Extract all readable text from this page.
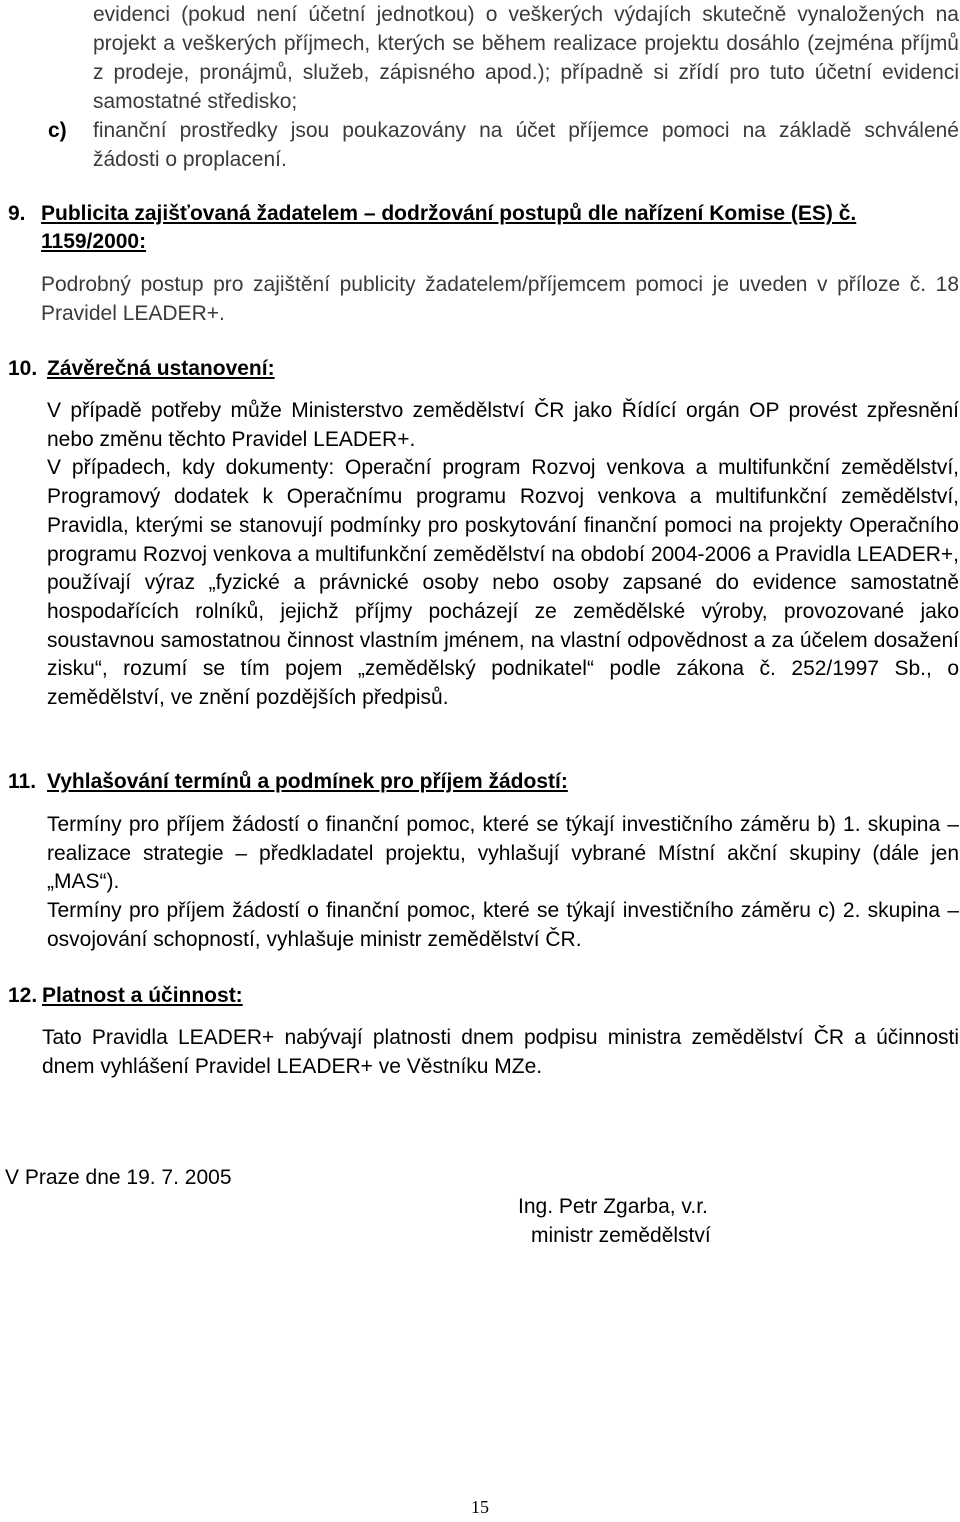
evidenci (pokud není účetní jednotkou) o veškerých výdajích skutečně vynaložených na projekt a veškerých příjmech, kterých se během realizace projektu dosáhlo (zejména příjmů z prodeje, pronájmů, služeb, zápisného apod.); případně si zřídí pro tuto účetní evidenci samostatné středisko;

c)	finanční prostředky jsou poukazovány na účet příjemce pomoci na základě schválené žádosti o proplacení.

9. Publicita zajišťovaná žadatelem – dodržování postupů dle nařízení Komise (ES) č. 1159/2000:

Podrobný postup pro zajištění publicity žadatelem/příjemcem pomoci je uveden v příloze č. 18 Pravidel LEADER+.

10. Závěrečná ustanovení:

V případě potřeby může Ministerstvo zemědělství ČR jako Řídící orgán OP provést zpřesnění nebo změnu těchto Pravidel LEADER+.

V případech, kdy dokumenty: Operační program Rozvoj venkova a multifunkční zemědělství, Programový dodatek k Operačnímu programu Rozvoj venkova a multifunkční zemědělství, Pravidla, kterými se stanovují podmínky pro poskytování finanční pomoci na projekty Operačního programu Rozvoj venkova a multifunkční zemědělství na období 2004-2006 a Pravidla LEADER+, používají výraz „fyzické a právnické osoby nebo osoby zapsané do evidence samostatně hospodařících rolníků, jejichž příjmy pocházejí ze zemědělské výroby, provozované jako soustavnou samostatnou činnost vlastním jménem, na vlastní odpovědnost a za účelem dosažení zisku“, rozumí se tím pojem „zemědělský podnikatel“ podle zákona č. 252/1997 Sb., o zemědělství, ve znění pozdějších předpisů.

11. Vyhlašování termínů a podmínek pro příjem žádostí:

Termíny pro příjem žádostí o finanční pomoc, které se týkají investičního záměru b) 1. skupina – realizace strategie – předkladatel projektu, vyhlašují vybrané Místní akční skupiny (dále jen „MAS“).

Termíny pro příjem žádostí o finanční pomoc, které se týkají investičního záměru c) 2. skupina – osvojování schopností, vyhlašuje ministr zemědělství ČR.

12. Platnost a účinnost:

Tato Pravidla LEADER+ nabývají platnosti dnem podpisu ministra zemědělství ČR a účinnosti dnem vyhlášení Pravidel LEADER+ ve Věstníku MZe.

V Praze dne 19. 7. 2005
Ing. Petr Zgarba, v.r.
ministr zemědělství
15
